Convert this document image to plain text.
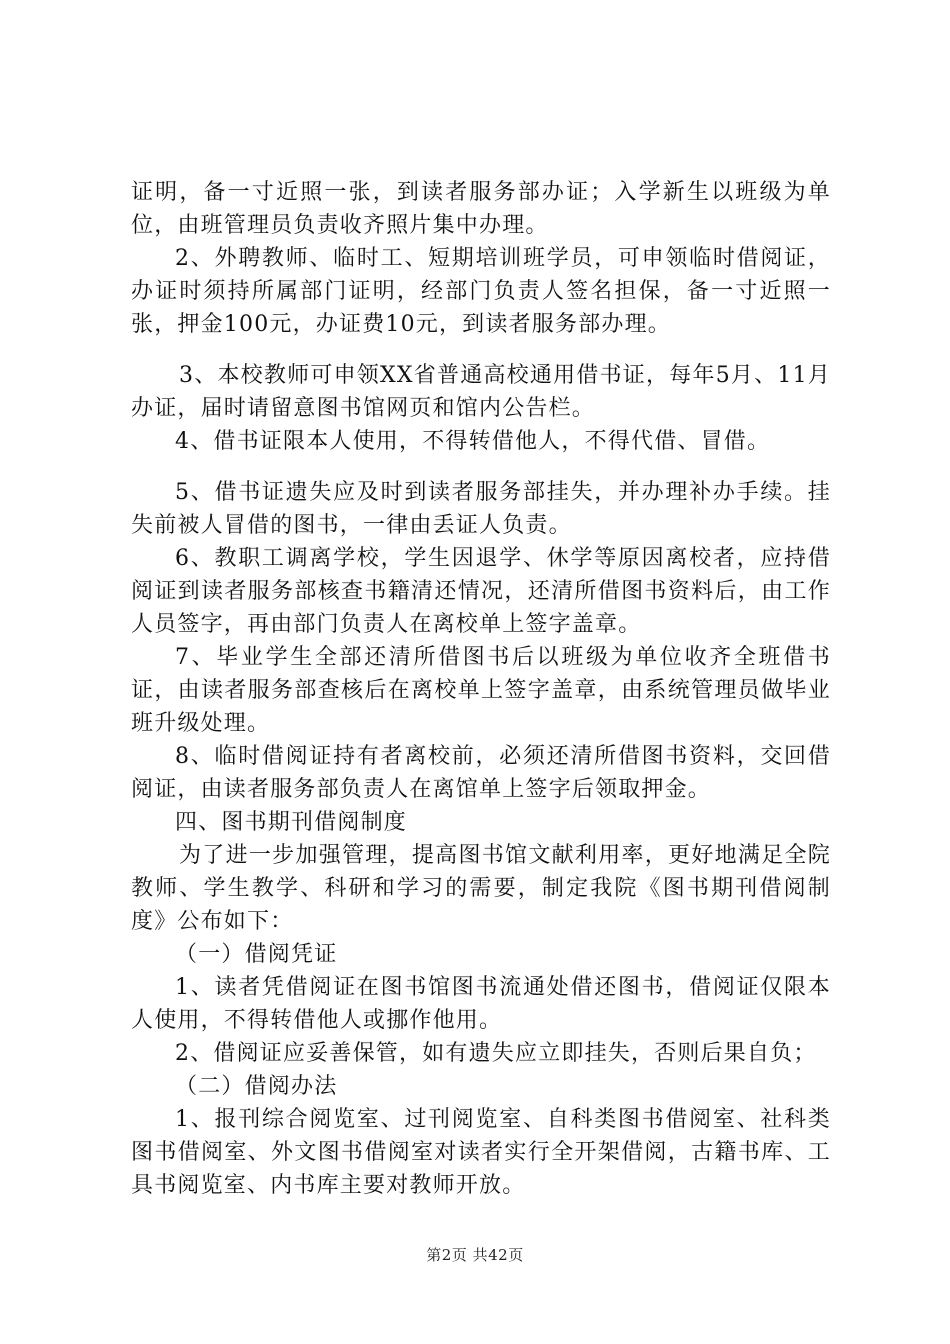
证明，备一寸近照一张，到读者服务部办证；入学新生以班级为单位，由班管理员负责收齐照片集中办理。

2、外聘教师、临时工、短期培训班学员，可申领临时借阅证，办证时须持所属部门证明，经部门负责人签名担保，备一寸近照一张，押金100元，办证费10元，到读者服务部办理。

3、本校教师可申领XX省普通高校通用借书证，每年5月、11月办证，届时请留意图书馆网页和馆内公告栏。

4、借书证限本人使用，不得转借他人，不得代借、冒借。

5、借书证遗失应及时到读者服务部挂失，并办理补办手续。挂失前被人冒借的图书，一律由丢证人负责。

6、教职工调离学校，学生因退学、休学等原因离校者，应持借阅证到读者服务部核查书籍清还情况，还清所借图书资料后，由工作人员签字，再由部门负责人在离校单上签字盖章。

7、毕业学生全部还清所借图书后以班级为单位收齐全班借书证，由读者服务部查核后在离校单上签字盖章，由系统管理员做毕业班升级处理。

8、临时借阅证持有者离校前，必须还清所借图书资料，交回借阅证，由读者服务部负责人在离馆单上签字后领取押金。

四、图书期刊借阅制度

为了进一步加强管理，提高图书馆文献利用率，更好地满足全院教师、学生教学、科研和学习的需要，制定我院《图书期刊借阅制度》公布如下：

（一）借阅凭证

1、读者凭借阅证在图书馆图书流通处借还图书，借阅证仅限本人使用，不得转借他人或挪作他用。

2、借阅证应妥善保管，如有遗失应立即挂失，否则后果自负；

（二）借阅办法

1、报刊综合阅览室、过刊阅览室、自科类图书借阅室、社科类图书借阅室、外文图书借阅室对读者实行全开架借阅，古籍书库、工具书阅览室、内书库主要对教师开放。

第2页 共42页
